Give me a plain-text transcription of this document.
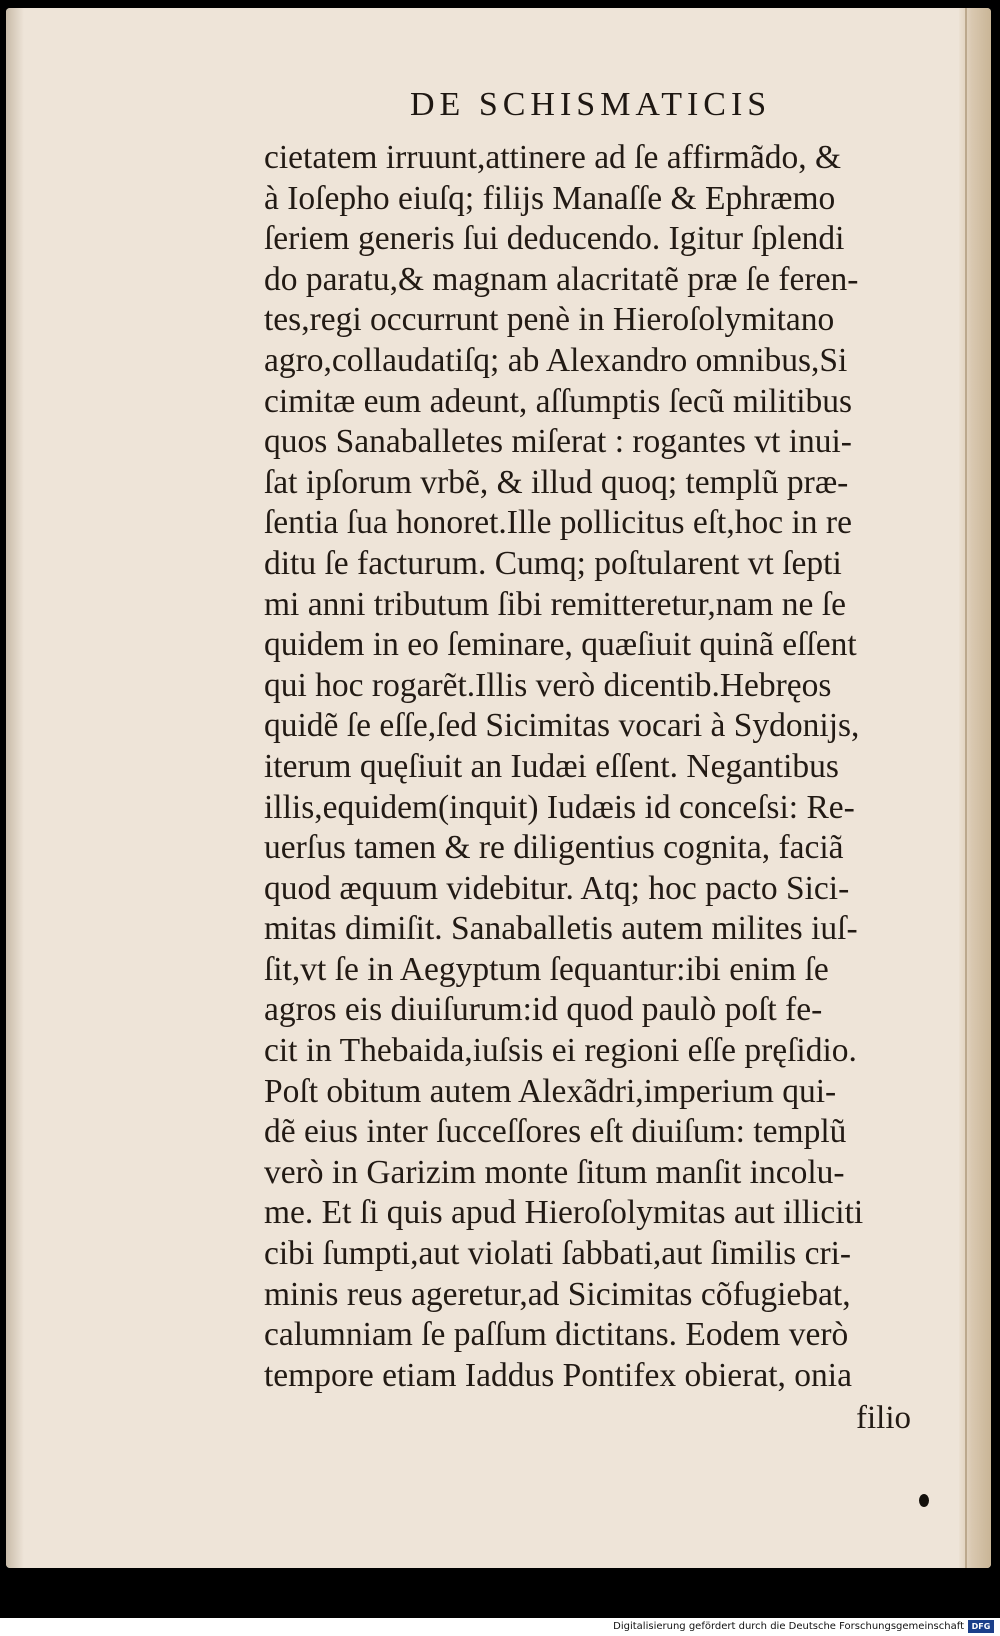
DE SCHISMATICIS
cietatem irruunt,attinere ad ſe affirmãdo, &
à Ioſepho eiuſq; filijs Manaſſe & Ephræmo
ſeriem generis ſui deducendo. Igitur ſplendi
do paratu,& magnam alacritatẽ præ ſe feren-
tes,regi occurrunt penè in Hieroſolymitano
agro,collaudatiſq; ab Alexandro omnibus,Si
cimitæ eum adeunt, aſſumptis ſecũ militibus
quos Sanaballetes miſerat : rogantes vt inui-
ſat ipſorum vrbẽ, & illud quoq; templũ præ-
ſentia ſua honoret.Ille pollicitus eſt,hoc in re
ditu ſe facturum. Cumq; poſtularent vt ſepti
mi anni tributum ſibi remitteretur,nam ne ſe
quidem in eo ſeminare, quæſiuit quinã eſſent
qui hoc rogarẽt.Illis verò dicentib.Hebręos
quidẽ ſe eſſe,ſed Sicimitas vocari à Sydonijs,
iterum quęſiuit an Iudæi eſſent. Negantibus
illis,equidem(inquit) Iudæis id conceſsi: Re-
uerſus tamen & re diligentius cognita, faciã
quod æquum videbitur. Atq; hoc pacto Sici-
mitas dimiſit. Sanaballetis autem milites iuſ-
ſit,vt ſe in Aegyptum ſequantur:ibi enim ſe
agros eis diuiſurum:id quod paulò poſt fe-
cit in Thebaida,iuſsis ei regioni eſſe pręſidio.
Poſt obitum autem Alexãdri,imperium qui-
dẽ eius inter ſucceſſores eſt diuiſum: templũ
verò in Garizim monte ſitum manſit incolu-
me. Et ſi quis apud Hieroſolymitas aut illiciti
cibi ſumpti,aut violati ſabbati,aut ſimilis cri-
minis reus ageretur,ad Sicimitas cõfugiebat,
calumniam ſe paſſum dictitans. Eodem verò
tempore etiam Iaddus Pontifex obierat, onia
filio
Digitalisierung gefördert durch die Deutsche Forschungsgemeinschaft DFG
